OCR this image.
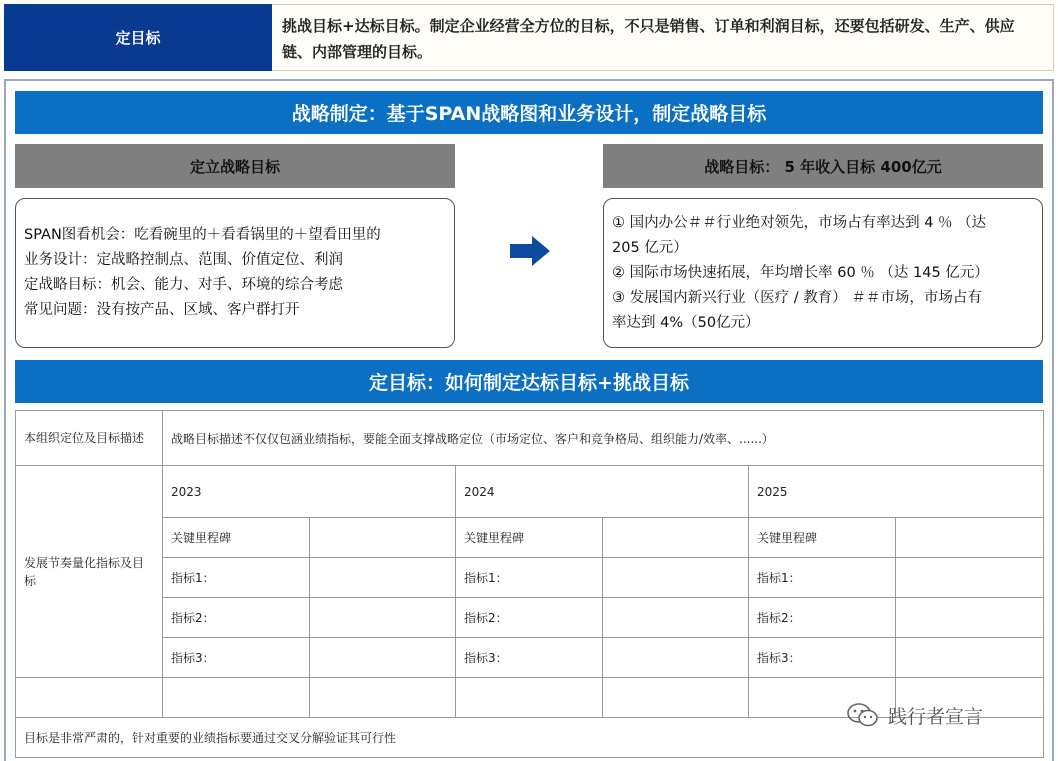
定目标
挑战目标+达标目标。制定企业经营全方位的目标，不只是销售、订单和利润目标，还要包括研发、生产、供应链、内部管理的目标。
战略制定：基于SPAN战略图和业务设计，制定战略目标
定立战略目标	战略目标： 5 年收入目标 400亿元
SPAN图看机会：吃看碗里的＋看看锅里的＋望看田里的
业务设计：定战略控制点、范围、价值定位、利润
定战略目标：机会、能力、对手、环境的综合考虑
常见问题：没有按产品、区域、客户群打开
① 国内办公＃＃行业绝对领先，市场占有率达到 4 ％ （达
205 亿元）
② 国际市场快速拓展，年均增长率 60 ％ （达 145 亿元）
③ 发展国内新兴行业（医疗 / 教育） ＃＃市场，市场占有
率达到 4%（50亿元）
定目标：如何制定达标目标+挑战目标
本组织定位及目标描述	战略目标描述不仅仅包涵业绩指标，要能全面支撑战略定位（市场定位、客户和竞争格局、组织能力/效率、......）					
发展节奏量化指标及目标	2023		2024		2025	
	关键里程碑		关键里程碑		关键里程碑	
	指标1：		指标1：		指标1：	
	指标2：		指标2：		指标2：	
	指标3：		指标3：		指标3：	

目标是非常严肃的，针对重要的业绩指标要通过交叉分解验证其可行性						
践行者宣言
